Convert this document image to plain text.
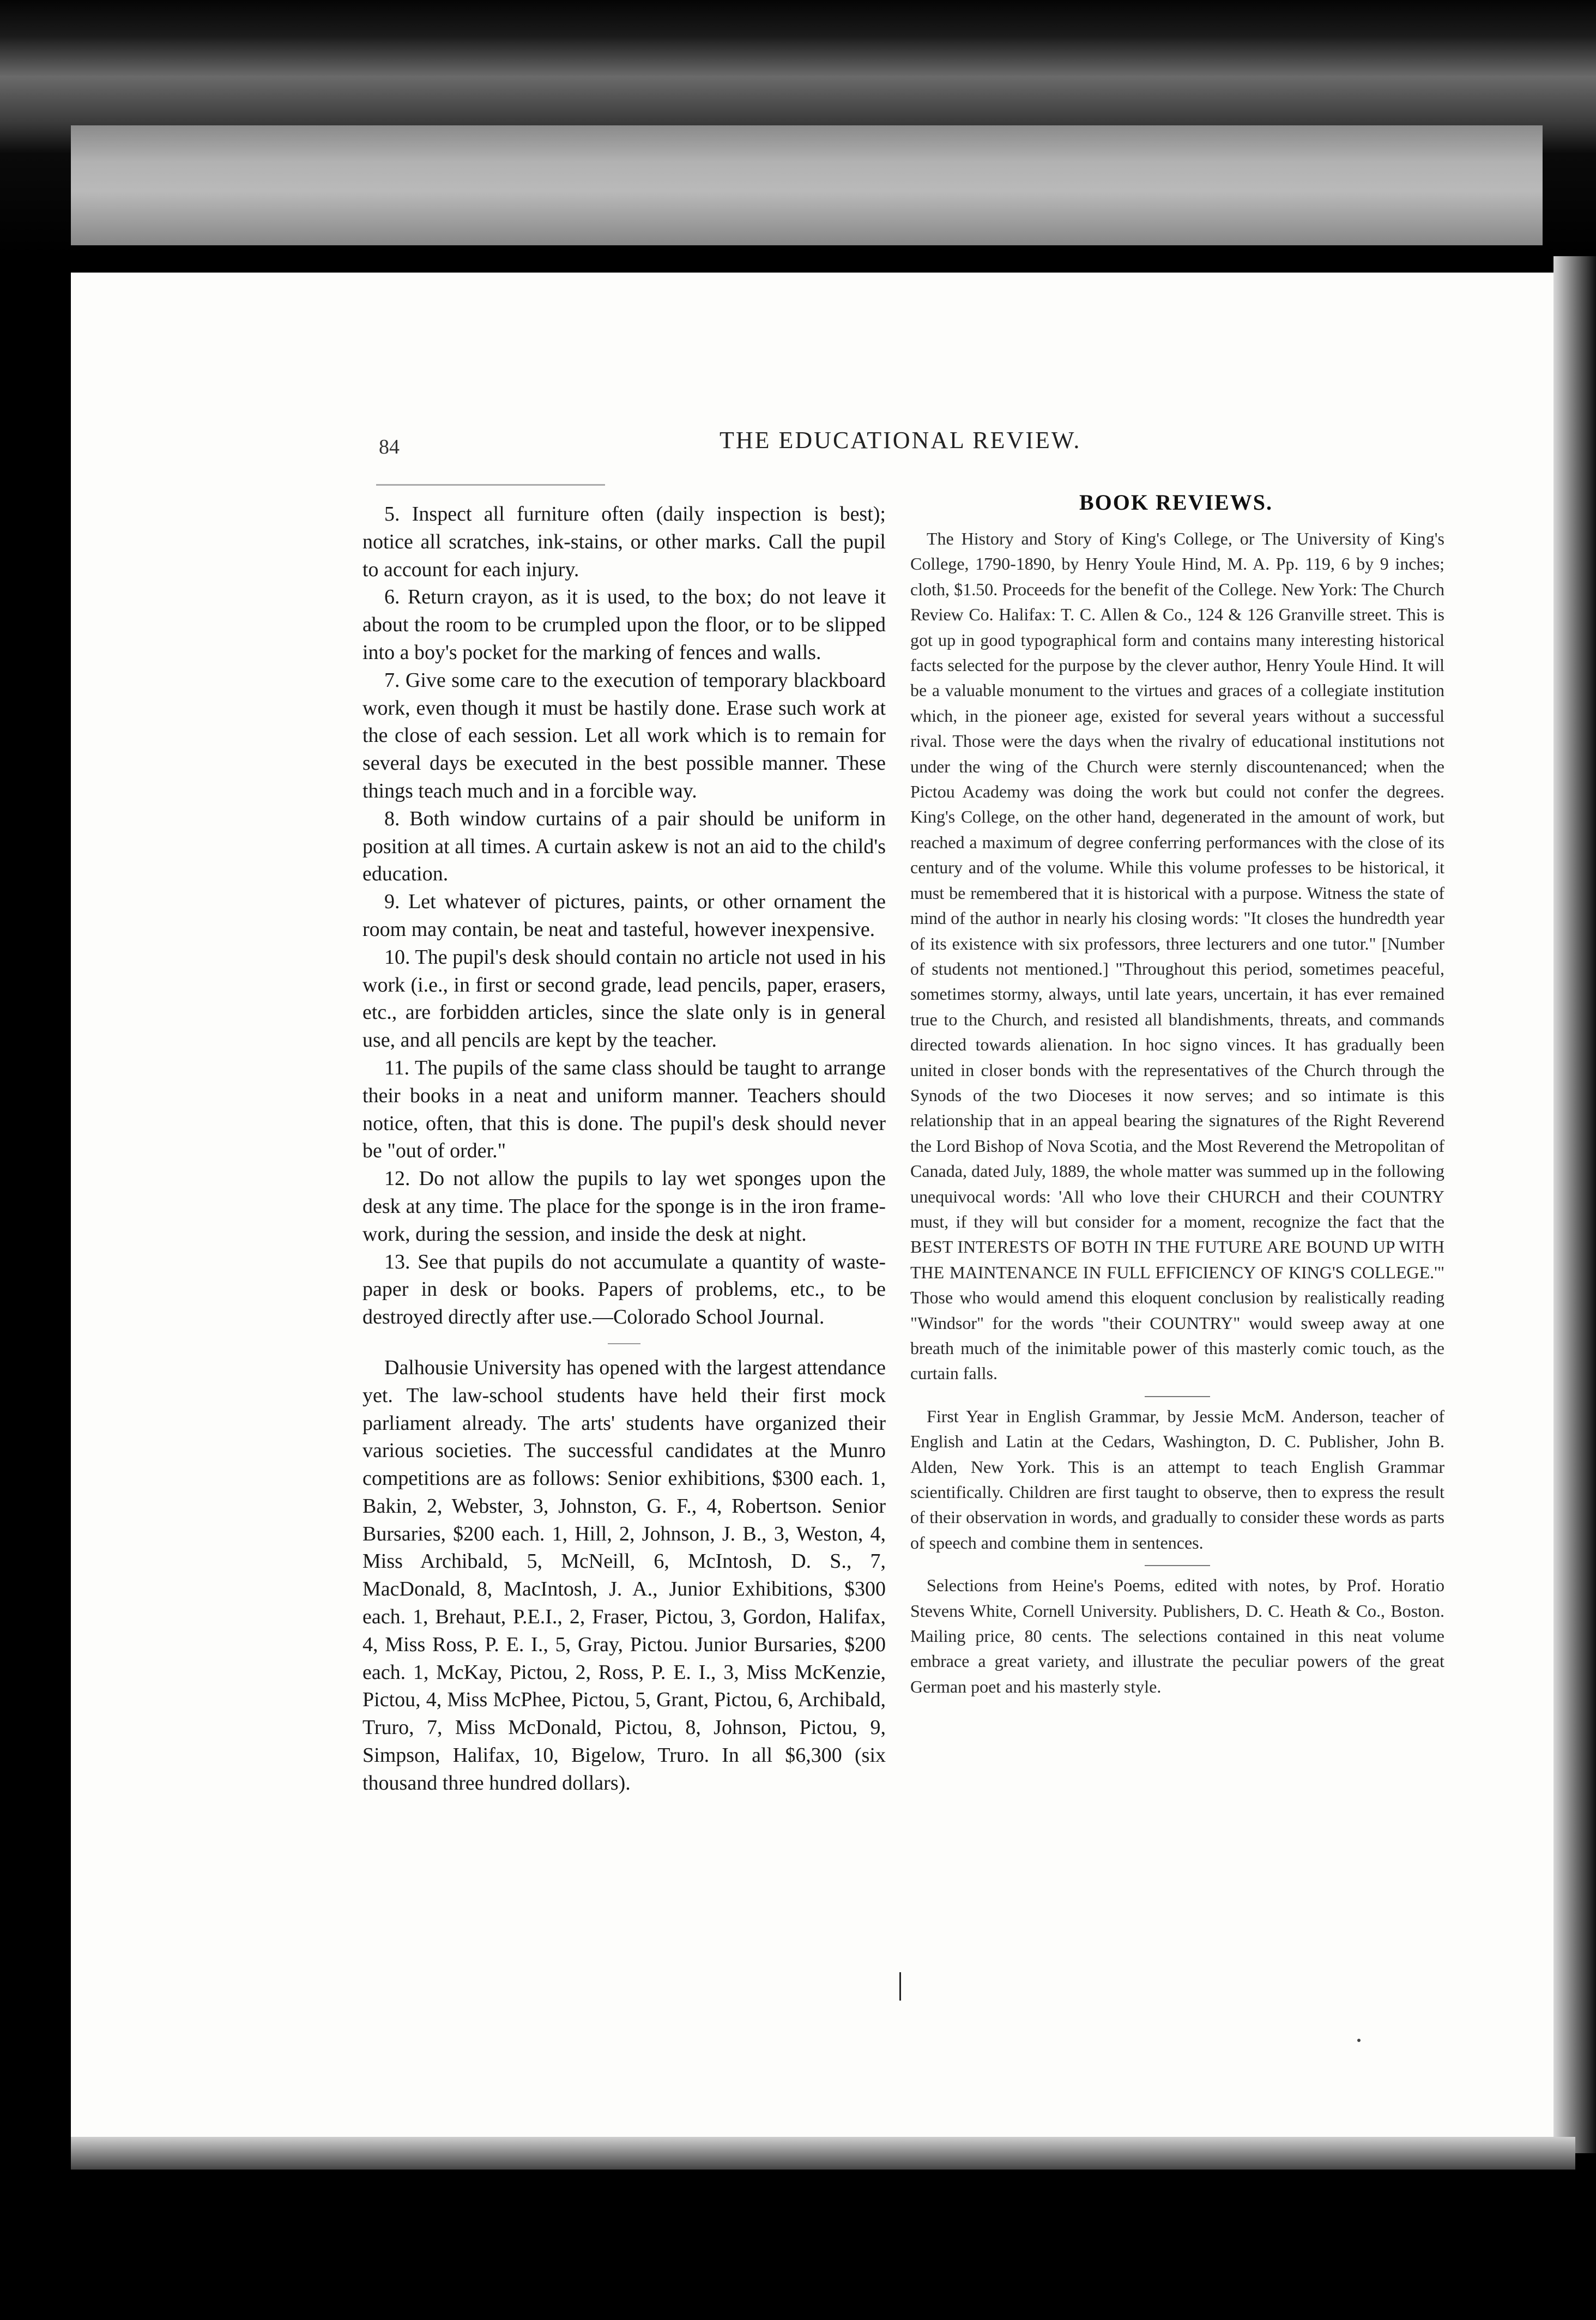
84	THE EDUCATIONAL REVIEW.

5. Inspect all furniture often (daily inspection is best); notice all scratches, ink-stains, or other marks. Call the pupil to account for each injury.

6. Return crayon, as it is used, to the box; do not leave it about the room to be crumpled upon the floor, or to be slipped into a boy's pocket for the marking of fences and walls.

7. Give some care to the execution of temporary blackboard work, even though it must be hastily done. Erase such work at the close of each session. Let all work which is to remain for several days be executed in the best possible manner. These things teach much and in a forcible way.

8. Both window curtains of a pair should be uniform in position at all times. A curtain askew is not an aid to the child's education.

9. Let whatever of pictures, paints, or other ornament the room may contain, be neat and tasteful, however inexpensive.

10. The pupil's desk should contain no article not used in his work (i.e., in first or second grade, lead pencils, paper, erasers, etc., are forbidden articles, since the slate only is in general use, and all pencils are kept by the teacher.

11. The pupils of the same class should be taught to arrange their books in a neat and uniform manner. Teachers should notice, often, that this is done. The pupil's desk should never be "out of order."

12. Do not allow the pupils to lay wet sponges upon the desk at any time. The place for the sponge is in the iron frame-work, during the session, and inside the desk at night.

13. See that pupils do not accumulate a quantity of waste-paper in desk or books. Papers of problems, etc., to be destroyed directly after use.—Colorado School Journal.

Dalhousie University has opened with the largest attendance yet. The law-school students have held their first mock parliament already. The arts' students have organized their various societies. The successful candidates at the Munro competitions are as follows: Senior exhibitions, $300 each. 1, Bakin, 2, Webster, 3, Johnston, G. F., 4, Robertson. Senior Bursaries, $200 each. 1, Hill, 2, Johnson, J. B., 3, Weston, 4, Miss Archibald, 5, McNeill, 6, McIntosh, D. S., 7, MacDonald, 8, MacIntosh, J. A., Junior Exhibitions, $300 each. 1, Brehaut, P.E.I., 2, Fraser, Pictou, 3, Gordon, Halifax, 4, Miss Ross, P. E. I., 5, Gray, Pictou. Junior Bursaries, $200 each. 1, McKay, Pictou, 2, Ross, P. E. I., 3, Miss McKenzie, Pictou, 4, Miss McPhee, Pictou, 5, Grant, Pictou, 6, Archibald, Truro, 7, Miss McDonald, Pictou, 8, Johnson, Pictou, 9, Simpson, Halifax, 10, Bigelow, Truro. In all $6,300 (six thousand three hundred dollars).

BOOK REVIEWS.

The History and Story of King's College, or The University of King's College, 1790-1890, by Henry Youle Hind, M. A. Pp. 119, 6 by 9 inches; cloth, $1.50. Proceeds for the benefit of the College. New York: The Church Review Co. Halifax: T. C. Allen & Co., 124 & 126 Granville street. This is got up in good typographical form and contains many interesting historical facts selected for the purpose by the clever author, Henry Youle Hind. It will be a valuable monument to the virtues and graces of a collegiate institution which, in the pioneer age, existed for several years without a successful rival. Those were the days when the rivalry of educational institutions not under the wing of the Church were sternly discountenanced; when the Pictou Academy was doing the work but could not confer the degrees. King's College, on the other hand, degenerated in the amount of work, but reached a maximum of degree conferring performances with the close of its century and of the volume. While this volume professes to be historical, it must be remembered that it is historical with a purpose. Witness the state of mind of the author in nearly his closing words: "It closes the hundredth year of its existence with six professors, three lecturers and one tutor." [Number of students not mentioned.] "Throughout this period, sometimes peaceful, sometimes stormy, always, until late years, uncertain, it has ever remained true to the Church, and resisted all blandishments, threats, and commands directed towards alienation. In hoc signo vinces. It has gradually been united in closer bonds with the representatives of the Church through the Synods of the two Dioceses it now serves; and so intimate is this relationship that in an appeal bearing the signatures of the Right Reverend the Lord Bishop of Nova Scotia, and the Most Reverend the Metropolitan of Canada, dated July, 1889, the whole matter was summed up in the following unequivocal words: 'All who love their CHURCH and their COUNTRY must, if they will but consider for a moment, recognize the fact that the BEST INTERESTS OF BOTH IN THE FUTURE ARE BOUND UP WITH THE MAINTENANCE IN FULL EFFICIENCY OF KING'S COLLEGE.'" Those who would amend this eloquent conclusion by realistically reading "Windsor" for the words "their COUNTRY" would sweep away at one breath much of the inimitable power of this masterly comic touch, as the curtain falls.

First Year in English Grammar, by Jessie McM. Anderson, teacher of English and Latin at the Cedars, Washington, D. C. Publisher, John B. Alden, New York. This is an attempt to teach English Grammar scientifically. Children are first taught to observe, then to express the result of their observation in words, and gradually to consider these words as parts of speech and combine them in sentences.

Selections from Heine's Poems, edited with notes, by Prof. Horatio Stevens White, Cornell University. Publishers, D. C. Heath & Co., Boston. Mailing price, 80 cents. The selections contained in this neat volume embrace a great variety, and illustrate the peculiar powers of the great German poet and his masterly style.
